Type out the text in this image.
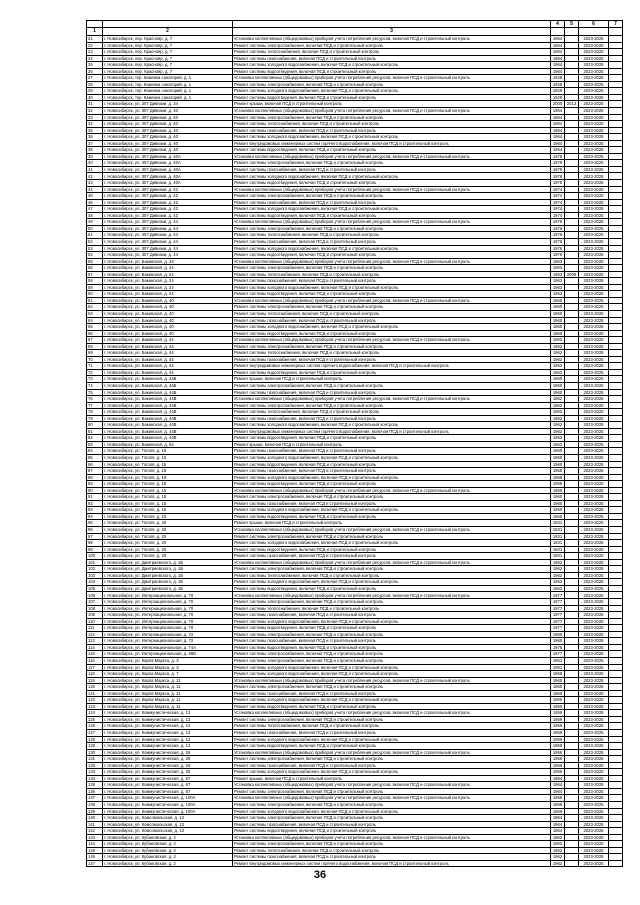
			4	5	6	7
1	2	3				
21	г. Новосибирск, пер. Краснояр, д. 7	Установка коллективных (общедомовых) приборов учета потребления ресурсов, включая ПСД и строительный контроль	1964		2023-2025	
22	г. Новосибирск, пер. Краснояр, д. 7	Ремонт системы электроснабжения, включая ПСД и строительный контроль	1964		2023-2025	
23	г. Новосибирск, пер. Краснояр, д. 7	Ремонт системы теплоснабжения, включая ПСД и строительный контроль	1964		2023-2025	
24	г. Новосибирск, пер. Краснояр, д. 7	Ремонт системы газоснабжения, включая ПСД и строительный контроль	1964		2023-2025	
25	г. Новосибирск, пер. Краснояр, д. 7	Ремонт системы холодного водоснабжения, включая ПСД и строительный контроль	1964		2023-2025	
26	г. Новосибирск, пер. Краснояр, д. 7	Ремонт системы водоотведения, включая ПСД и строительный контроль	1964		2023-2025	
27	г. Новосибирск, тер. Каменка санаторий, д. 1	Установка коллективных (общедомовых) приборов учета потребления ресурсов, включая ПСД и строительный контроль	1928		2023-2025	
28	г. Новосибирск, тер. Каменка санаторий, д. 1	Ремонт системы электроснабжения, включая ПСД и строительный контроль	1928		2023-2025	
29	г. Новосибирск, тер. Каменка санаторий, д. 1	Ремонт системы холодного водоснабжения, включая ПСД и строительный контроль	1928		2023-2025	
30	г. Новосибирск, тер. Каменка санаторий, д. 1	Ремонт системы водоотведения, включая ПСД и строительный контроль	1928		2023-2025	
31	г. Новосибирск, ул. 307 Дивизии, д. 34	Ремонт крыши, включая ПСД и строительный контроль	2000	2013	2023-2025	
32	г. Новосибирск, ул. 307 Дивизии, д. 40	Установка коллективных (общедомовых) приборов учета потребления ресурсов, включая ПСД и строительный контроль	1964		2023-2025	
33	г. Новосибирск, ул. 307 Дивизии, д. 40	Ремонт системы электроснабжения, включая ПСД и строительный контроль	1964		2023-2025	
34	г. Новосибирск, ул. 307 Дивизии, д. 40	Ремонт системы теплоснабжения, включая ПСД и строительный контроль	1964		2023-2025	
35	г. Новосибирск, ул. 307 Дивизии, д. 40	Ремонт системы газоснабжения, включая ПСД и строительный контроль	1964		2023-2025	
36	г. Новосибирск, ул. 307 Дивизии, д. 40	Ремонт системы холодного водоснабжения, включая ПСД и строительный контроль	1964		2023-2025	
37	г. Новосибирск, ул. 307 Дивизии, д. 40	Ремонт внутридомовых инженерных систем горячего водоснабжения, включая ПСД и строительный контроль	1964		2023-2025	
38	г. Новосибирск, ул. 307 Дивизии, д. 40	Ремонт системы водоотведения, включая ПСД и строительный контроль	1964		2023-2025	
39	г. Новосибирск, ул. 307 Дивизии, д. 40А	Установка коллективных (общедомовых) приборов учета потребления ресурсов, включая ПСД и строительный контроль	1978		2023-2025	
40	г. Новосибирск, ул. 307 Дивизии, д. 40А	Ремонт системы электроснабжения, включая ПСД и строительный контроль	1978		2023-2025	
41	г. Новосибирск, ул. 307 Дивизии, д. 40А	Ремонт системы газоснабжения, включая ПСД и строительный контроль	1978		2023-2025	
42	г. Новосибирск, ул. 307 Дивизии, д. 40А	Ремонт системы холодного водоснабжения, включая ПСД и строительный контроль	1978		2023-2025	
43	г. Новосибирск, ул. 307 Дивизии, д. 40А	Ремонт системы водоотведения, включая ПСД и строительный контроль	1978		2023-2025	
44	г. Новосибирск, ул. 307 Дивизии, д. 42	Установка коллективных (общедомовых) приборов учета потребления ресурсов, включая ПСД и строительный контроль	1974		2023-2025	
45	г. Новосибирск, ул. 307 Дивизии, д. 42	Ремонт системы электроснабжения, включая ПСД и строительный контроль	1974		2023-2025	
46	г. Новосибирск, ул. 307 Дивизии, д. 42	Ремонт системы газоснабжения, включая ПСД и строительный контроль	1974		2023-2025	
47	г. Новосибирск, ул. 307 Дивизии, д. 42	Ремонт системы холодного водоснабжения, включая ПСД и строительный контроль	1974		2023-2025	
48	г. Новосибирск, ул. 307 Дивизии, д. 42	Ремонт системы водоотведения, включая ПСД и строительный контроль	1974		2023-2025	
49	г. Новосибирск, ул. 307 Дивизии, д. 44	Установка коллективных (общедомовых) приборов учета потребления ресурсов, включая ПСД и строительный контроль	1976		2023-2025	
50	г. Новосибирск, ул. 307 Дивизии, д. 44	Ремонт системы электроснабжения, включая ПСД и строительный контроль	1976		2023-2025	
51	г. Новосибирск, ул. 307 Дивизии, д. 44	Ремонт системы теплоснабжения, включая ПСД и строительный контроль	1976		2023-2025	
52	г. Новосибирск, ул. 307 Дивизии, д. 44	Ремонт системы газоснабжения, включая ПСД и строительный контроль	1976		2023-2025	
53	г. Новосибирск, ул. 307 Дивизии, д. 44	Ремонт системы холодного водоснабжения, включая ПСД и строительный контроль	1976		2023-2025	
54	г. Новосибирск, ул. 307 Дивизии, д. 44	Ремонт системы водоотведения, включая ПСД и строительный контроль	1976		2023-2025	
55	г. Новосибирск, ул. Бакинская, д. 24	Установка коллективных (общедомовых) приборов учета потребления ресурсов, включая ПСД и строительный контроль	1963		2023-2025	
56	г. Новосибирск, ул. Бакинская, д. 24	Ремонт системы электроснабжения, включая ПСД и строительный контроль	1963		2023-2025	
57	г. Новосибирск, ул. Бакинская, д. 24	Ремонт системы теплоснабжения, включая ПСД и строительный контроль	1963	2009	2023-2025	
58	г. Новосибирск, ул. Бакинская, д. 24	Ремонт системы газоснабжения, включая ПСД и строительный контроль	1963		2023-2025	
59	г. Новосибирск, ул. Бакинская, д. 24	Ремонт системы холодного водоснабжения, включая ПСД и строительный контроль	1963		2023-2025	
60	г. Новосибирск, ул. Бакинская, д. 24	Ремонт системы водоотведения, включая ПСД и строительный контроль	1963		2023-2025	
61	г. Новосибирск, ул. Бакинская, д. 40	Установка коллективных (общедомовых) приборов учета потребления ресурсов, включая ПСД и строительный контроль	1960		2023-2025	
62	г. Новосибирск, ул. Бакинская, д. 40	Ремонт системы электроснабжения, включая ПСД и строительный контроль	1960		2023-2025	
63	г. Новосибирск, ул. Бакинская, д. 40	Ремонт системы теплоснабжения, включая ПСД и строительный контроль	1960		2023-2025	
64	г. Новосибирск, ул. Бакинская, д. 40	Ремонт системы газоснабжения, включая ПСД и строительный контроль	1960		2023-2025	
65	г. Новосибирск, ул. Бакинская, д. 40	Ремонт системы холодного водоснабжения, включая ПСД и строительный контроль	1960		2023-2025	
66	г. Новосибирск, ул. Бакинская, д. 40	Ремонт системы водоотведения, включая ПСД и строительный контроль	1960		2023-2025	
67	г. Новосибирск, ул. Бакинская, д. 44	Установка коллективных (общедомовых) приборов учета потребления ресурсов, включая ПСД и строительный контроль	1962		2023-2025	
68	г. Новосибирск, ул. Бакинская, д. 44	Ремонт системы электроснабжения, включая ПСД и строительный контроль	1962		2023-2025	
69	г. Новосибирск, ул. Бакинская, д. 44	Ремонт системы теплоснабжения, включая ПСД и строительный контроль	1962		2023-2025	
70	г. Новосибирск, ул. Бакинская, д. 44	Ремонт системы газоснабжения, включая ПСД и строительный контроль	1962		2023-2025	
71	г. Новосибирск, ул. Бакинская, д. 44	Ремонт внутридомовых инженерных систем горячего водоснабжения, включая ПСД и строительный контроль	1962		2023-2025	
72	г. Новосибирск, ул. Бакинская, д. 44	Ремонт системы водоотведения, включая ПСД и строительный контроль	1962		2023-2025	
73	г. Новосибирск, ул. Бакинская, д. 44Б	Ремонт крыши, включая ПСД и строительный контроль	1960		2023-2025	
74	г. Новосибирск, ул. Бакинская, д. 44Б	Ремонт системы электроснабжения, включая ПСД и строительный контроль	1960		2023-2025	
75	г. Новосибирск, ул. Бакинская, д. 44Б	Ремонт системы газоснабжения, включая ПСД и строительный контроль	1960		2023-2025	
76	г. Новосибирск, ул. Бакинская, д. 44В	Установка коллективных (общедомовых) приборов учета потребления ресурсов, включая ПСД и строительный контроль	1962		2023-2025	
77	г. Новосибирск, ул. Бакинская, д. 44В	Ремонт системы электроснабжения, включая ПСД и строительный контроль	1962		2023-2025	
78	г. Новосибирск, ул. Бакинская, д. 44В	Ремонт системы теплоснабжения, включая ПСД и строительный контроль	1962		2023-2025	
79	г. Новосибирск, ул. Бакинская, д. 44В	Ремонт системы газоснабжения, включая ПСД и строительный контроль	1962		2023-2025	
80	г. Новосибирск, ул. Бакинская, д. 44В	Ремонт системы холодного водоснабжения, включая ПСД и строительный контроль	1962		2023-2025	
81	г. Новосибирск, ул. Бакинская, д. 44В	Ремонт внутридомовых инженерных систем горячего водоснабжения, включая ПСД и строительный контроль	1962		2023-2025	
82	г. Новосибирск, ул. Бакинская, д. 44В	Ремонт системы водоотведения, включая ПСД и строительный контроль	1962		2023-2025	
83	г. Новосибирск, ул. Бакинская, д. 54	Ремонт крыши, включая ПСД и строительный контроль	1962		2023-2025	
84	г. Новосибирск, ул. Гоголя, д. 15	Ремонт системы газоснабжения, включая ПСД и строительный контроль	1960		2023-2025	
85	г. Новосибирск, ул. Гоголя, д. 15	Ремонт системы холодного водоснабжения, включая ПСД и строительный контроль	1960		2023-2025	
86	г. Новосибирск, ул. Гоголя, д. 15	Ремонт системы водоотведения, включая ПСД и строительный контроль	1960		2023-2025	
87	г. Новосибирск, ул. Гоголя, д. 19	Ремонт системы газоснабжения, включая ПСД и строительный контроль	1958		2023-2025	
88	г. Новосибирск, ул. Гоголя, д. 19	Ремонт системы холодного водоснабжения, включая ПСД и строительный контроль	1958		2023-2025	
89	г. Новосибирск, ул. Гоголя, д. 19	Ремонт системы водоотведения, включая ПСД и строительный контроль	1958		2023-2025	
90	г. Новосибирск, ул. Гоголя, д. 15	Установка коллективных (общедомовых) приборов учета потребления ресурсов, включая ПСД и строительный контроль	1960		2023-2025	
91	г. Новосибирск, ул. Гоголя, д. 15	Ремонт системы электроснабжения, включая ПСД и строительный контроль	1960		2023-2025	
92	г. Новосибирск, ул. Гоголя, д. 15	Ремонт системы газоснабжения, включая ПСД и строительный контроль	1960		2023-2025	
93	г. Новосибирск, ул. Гоголя, д. 15	Ремонт системы холодного водоснабжения, включая ПСД и строительный контроль	1960		2023-2025	
94	г. Новосибирск, ул. Гоголя, д. 15	Ремонт системы водоотведения, включая ПСД и строительный контроль	1960		2023-2025	
95	г. Новосибирск, ул. Гоголя, д. 20	Ремонт крыши, включая ПСД и строительный контроль	1931		2023-2025	
96	г. Новосибирск, ул. Гоголя, д. 20	Установка коллективных (общедомовых) приборов учета потребления ресурсов, включая ПСД и строительный контроль	1931		2023-2025	
97	г. Новосибирск, ул. Гоголя, д. 20	Ремонт системы электроснабжения, включая ПСД и строительный контроль	1931		2023-2025	
98	г. Новосибирск, ул. Гоголя, д. 20	Ремонт системы холодного водоснабжения, включая ПСД и строительный контроль	1931		2023-2025	
99	г. Новосибирск, ул. Гоголя, д. 20	Ремонт системы водоотведения, включая ПСД и строительный контроль	1931		2023-2025	
100	г. Новосибирск, ул. Гоголя, д. 20	Ремонт системы газоснабжения, включая ПСД и строительный контроль	1931		2023-2025	
101	г. Новосибирск, ул. Дмитриевского, д. 1Б	Установка коллективных (общедомовых) приборов учета потребления ресурсов, включая ПСД и строительный контроль	1962		2023-2025	
102	г. Новосибирск, ул. Дмитриевского, д. 1Б	Ремонт системы электроснабжения, включая ПСД и строительный контроль	1962		2023-2025	
103	г. Новосибирск, ул. Дмитриевского, д. 1Б	Ремонт системы теплоснабжения, включая ПСД и строительный контроль	1962		2023-2025	
104	г. Новосибирск, ул. Дмитриевского, д. 1Б	Ремонт системы холодного водоснабжения, включая ПСД и строительный контроль	1962		2023-2025	
105	г. Новосибирск, ул. Дмитриевского, д. 1Б	Ремонт системы водоотведения, включая ПСД и строительный контроль	1962		2023-2025	
106	г. Новосибирск, ул. Интернациональная, д. 70	Установка коллективных (общедомовых) приборов учета потребления ресурсов, включая ПСД и строительный контроль	1977		2023-2025	
107	г. Новосибирск, ул. Интернациональная, д. 70	Ремонт системы электроснабжения, включая ПСД и строительный контроль	1977		2023-2025	
108	г. Новосибирск, ул. Интернациональная, д. 70	Ремонт системы теплоснабжения, включая ПСД и строительный контроль	1977		2023-2025	
109	г. Новосибирск, ул. Интернациональная, д. 70	Ремонт системы газоснабжения, включая ПСД и строительный контроль	1977		2023-2025	
110	г. Новосибирск, ул. Интернациональная, д. 70	Ремонт системы холодного водоснабжения, включая ПСД и строительный контроль	1977		2023-2025	
111	г. Новосибирск, ул. Интернациональная, д. 70	Ремонт системы водоотведения, включая ПСД и строительный контроль	1977		2023-2025	
112	г. Новосибирск, ул. Интернациональная, д. 72	Ремонт системы электроснабжения, включая ПСД и строительный контроль	1980		2023-2025	
113	г. Новосибирск, ул. Интернациональная, д. 72	Ремонт системы газоснабжения, включая ПСД и строительный контроль	1980		2023-2025	
114	г. Новосибирск, ул. Интернациональная, д. 74А	Ремонт системы водоотведения, включая ПСД и строительный контроль	1975		2023-2025	
115	г. Новосибирск, ул. Интернациональная, д. 86Б	Ремонт системы электроснабжения, включая ПСД и строительный контроль	1977		2023-2025	
116	г. Новосибирск, ул. Карла Маркса, д. 3	Ремонт системы электроснабжения, включая ПСД и строительный контроль	1951		2023-2025	
117	г. Новосибирск, ул. Карла Маркса, д. 3	Ремонт системы холодного водоснабжения, включая ПСД и строительный контроль	1951		2023-2025	
118	г. Новосибирск, ул. Карла Маркса, д. 7	Ремонт системы холодного водоснабжения, включая ПСД и строительный контроль	1968		2023-2025	
119	г. Новосибирск, ул. Карла Маркса, д. 11	Установка коллективных (общедомовых) приборов учета потребления ресурсов, включая ПСД и строительный контроль	1960		2023-2025	
120	г. Новосибирск, ул. Карла Маркса, д. 11	Ремонт системы электроснабжения, включая ПСД и строительный контроль	1960		2023-2025	
121	г. Новосибирск, ул. Карла Маркса, д. 11	Ремонт системы газоснабжения, включая ПСД и строительный контроль	1960		2023-2025	
122	г. Новосибирск, ул. Карла Маркса, д. 11	Ремонт системы холодного водоснабжения, включая ПСД и строительный контроль	1960		2023-2025	
123	г. Новосибирск, ул. Карла Маркса, д. 11	Ремонт системы водоотведения, включая ПСД и строительный контроль	1960		2023-2025	
124	г. Новосибирск, ул. Коммунистическая, д. 13	Установка коллективных (общедомовых) приборов учета потребления ресурсов, включая ПСД и строительный контроль	1959		2023-2025	
125	г. Новосибирск, ул. Коммунистическая, д. 13	Ремонт системы электроснабжения, включая ПСД и строительный контроль	1959		2023-2025	
126	г. Новосибирск, ул. Коммунистическая, д. 13	Ремонт системы теплоснабжения, включая ПСД и строительный контроль	1959		2023-2025	
127	г. Новосибирск, ул. Коммунистическая, д. 13	Ремонт системы газоснабжения, включая ПСД и строительный контроль	1959		2023-2025	
128	г. Новосибирск, ул. Коммунистическая, д. 13	Ремонт системы холодного водоснабжения, включая ПСД и строительный контроль	1959		2023-2025	
129	г. Новосибирск, ул. Коммунистическая, д. 13	Ремонт системы водоотведения, включая ПСД и строительный контроль	1959		2023-2025	
130	г. Новосибирск, ул. Коммунистическая, д. 26	Установка коллективных (общедомовых) приборов учета потребления ресурсов, включая ПСД и строительный контроль	1956		2023-2025	
131	г. Новосибирск, ул. Коммунистическая, д. 26	Ремонт системы электроснабжения, включая ПСД и строительный контроль	1956		2023-2025	
132	г. Новосибирск, ул. Коммунистическая, д. 26	Ремонт системы газоснабжения, включая ПСД и строительный контроль	1956		2023-2025	
133	г. Новосибирск, ул. Коммунистическая, д. 26	Ремонт системы холодного водоснабжения, включая ПСД и строительный контроль	1956		2023-2025	
134	г. Новосибирск, ул. Коммунистическая, д. 67	Ремонт крыши, включая ПСД и строительный контроль	1964		2023-2025	
135	г. Новосибирск, ул. Коммунистическая, д. 67	Установка коллективных (общедомовых) приборов учета потребления ресурсов, включая ПСД и строительный контроль	1964		2023-2025	
136	г. Новосибирск, ул. Коммунистическая, д. 67	Ремонт системы электроснабжения, включая ПСД и строительный контроль	1964		2023-2025	
137	г. Новосибирск, ул. Коммунистическая, д. 100А	Установка коллективных (общедомовых) приборов учета потребления ресурсов, включая ПСД и строительный контроль	1966		2023-2025	
138	г. Новосибирск, ул. Коммунистическая, д. 100А	Ремонт системы электроснабжения, включая ПСД и строительный контроль	1966		2023-2025	
139	г. Новосибирск, ул. Коммунистическая, д. 100А	Ремонт системы холодного водоснабжения, включая ПСД и строительный контроль	1966		2023-2025	
140	г. Новосибирск, ул. Комсомольская, д. 13	Ремонт системы электроснабжения, включая ПСД и строительный контроль	1964		2023-2025	
141	г. Новосибирск, ул. Комсомольская, д. 13	Ремонт системы газоснабжения, включая ПСД и строительный контроль	1964		2023-2025	
142	г. Новосибирск, ул. Комсомольская, д. 13	Ремонт системы водоотведения, включая ПСД и строительный контроль	1964		2023-2025	
143	г. Новосибирск, ул. Кубановская, д. 2	Установка коллективных (общедомовых) приборов учета потребления ресурсов, включая ПСД и строительный контроль	1962		2023-2025	
144	г. Новосибирск, ул. Кубановская, д. 2	Ремонт системы электроснабжения, включая ПСД и строительный контроль	1962		2023-2025	
145	г. Новосибирск, ул. Кубановская, д. 2	Ремонт системы теплоснабжения, включая ПСД и строительный контроль	1962		2023-2025	
146	г. Новосибирск, ул. Кубановская, д. 2	Ремонт системы газоснабжения, включая ПСД и строительный контроль	1962		2023-2025	
147	г. Новосибирск, ул. Кубановская, д. 2	Ремонт внутридомовых инженерных систем горячего водоснабжения, включая ПСД и строительный контроль	1962		2023-2025	
36
